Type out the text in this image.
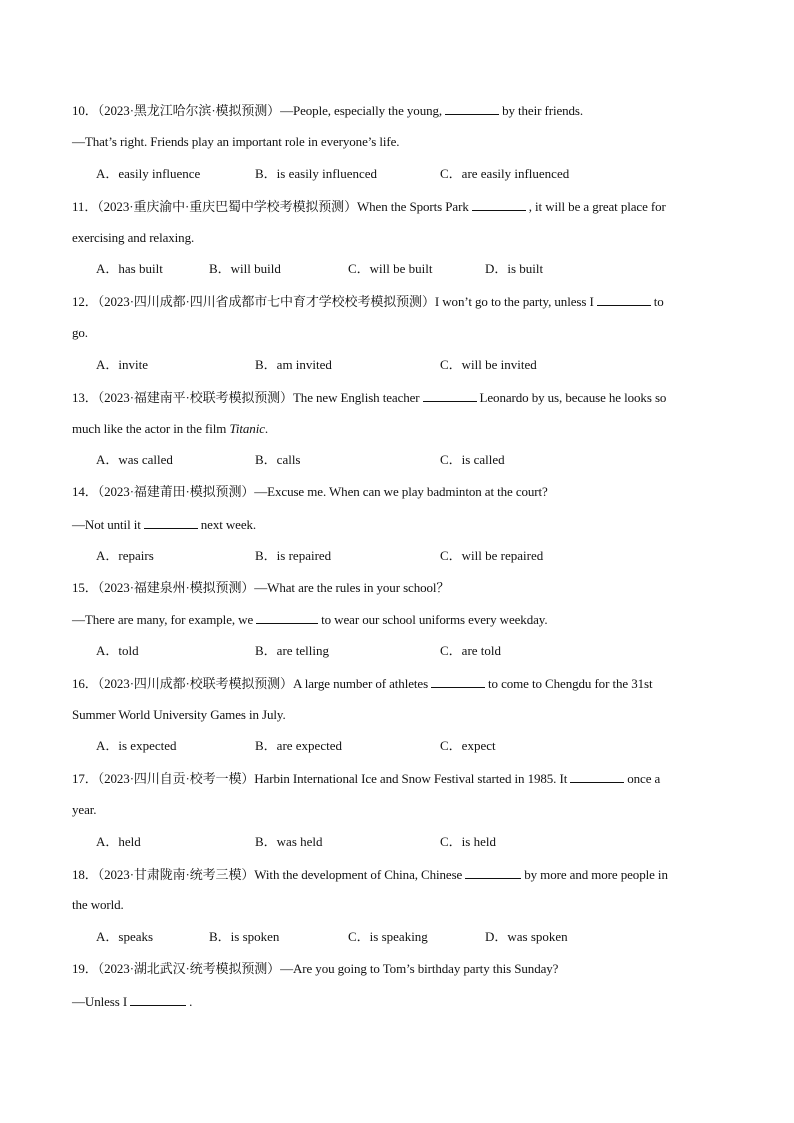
10．（2023·黑龙江哈尔滨·模拟预测）—People, especially the young,	by their friends.
—That’s right. Friends play an important role in everyone’s life.
A．easily influence	B．is easily influenced	C．are easily influenced
11．（2023·重庆渝中·重庆巴蜀中学校考模拟预测）When the Sports Park	, it will be a great place for
exercising and relaxing.
A．has built	B．will build	C．will be built	D．is built
12．（2023·四川成都·四川省成都市七中育才学校校考模拟预测）I won’t go to the party, unless I	to
go.
A．invite	B．am invited	C．will be invited
13．（2023·福建南平·校联考模拟预测）The new English teacher	Leonardo by us, because he looks so
much like the actor in the film Titanic.
A．was called	B．calls	C．is called
14．（2023·福建莆田·模拟预测）—Excuse me. When can we play badminton at the court?
—Not until it	next week.
A．repairs	B．is repaired	C．will be repaired
15．（2023·福建泉州·模拟预测）—What are the rules in your school？
—There are many, for example, we	to wear our school uniforms every weekday.
A．told	B．are telling	C．are told
16．（2023·四川成都·校联考模拟预测）A large number of athletes	to come to Chengdu for the 31st
Summer World University Games in July.
A．is expected	B．are expected	C．expect
17．（2023·四川自贡·校考一模）Harbin International Ice and Snow Festival started in 1985. It	once a
year.
A．held	B．was held	C．is held
18．（2023·甘肃陇南·统考三模）With the development of China, Chinese	by more and more people in
the world.
A．speaks	B．is spoken	C．is speaking	D．was spoken
19．（2023·湖北武汉·统考模拟预测）—Are you going to Tom’s birthday party this Sunday?
—Unless I	.
